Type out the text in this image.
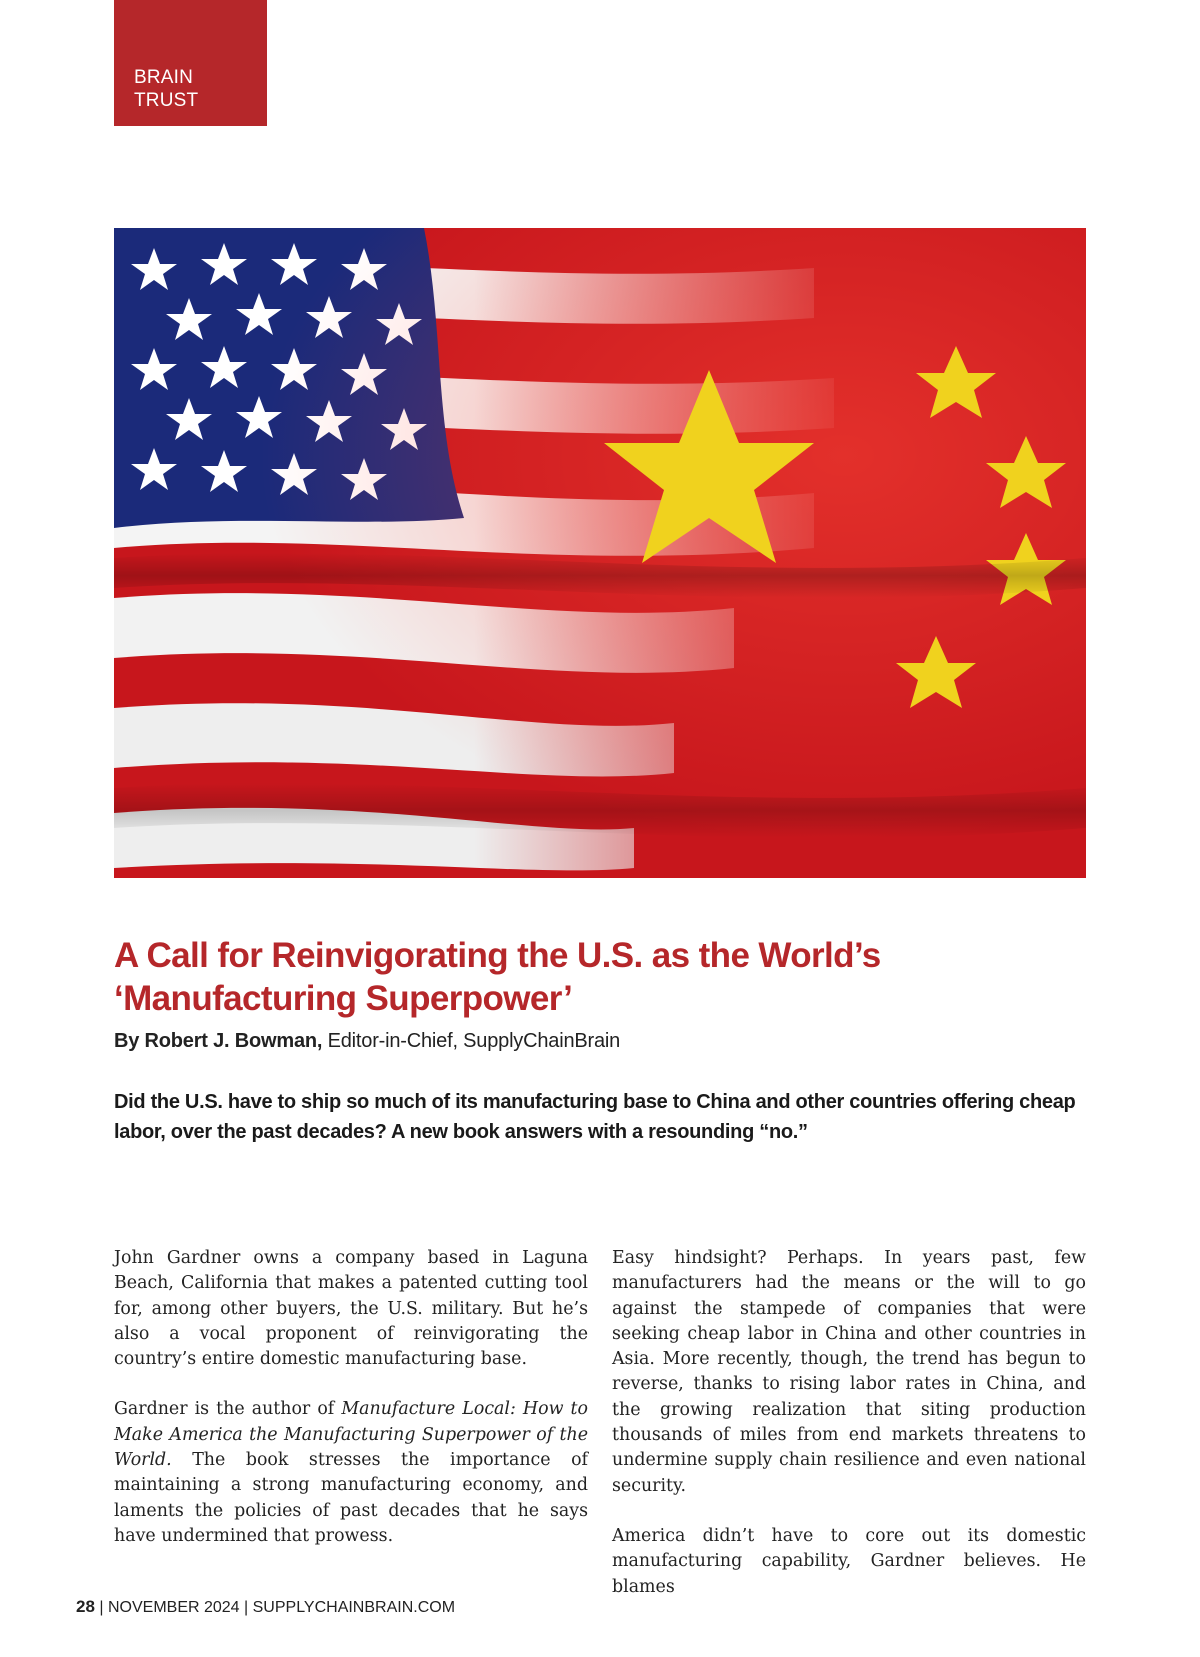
BRAIN
TRUST
A Call for Reinvigorating the U.S. as the World’s
‘Manufacturing Superpower’

By Robert J. Bowman, Editor-in-Chief, SupplyChainBrain

Did the U.S. have to ship so much of its manufacturing base to China and other countries offering cheap labor, over the past decades? A new book answers with a resounding “no.”

John Gardner owns a company based in Laguna Beach, California that makes a patented cutting tool for, among other buyers, the U.S. military. But he’s also a vocal proponent of reinvigorating the country’s entire domestic manufacturing base.

Gardner is the author of Manufacture Local: How to Make America the Manufacturing Superpower of the World. The book stresses the importance of maintaining a strong manufacturing economy, and laments the policies of past decades that he says have undermined that prowess.

Easy hindsight? Perhaps. In years past, few manufacturers had the means or the will to go against the stampede of companies that were seeking cheap labor in China and other countries in Asia. More recently, though, the trend has begun to reverse, thanks to rising labor rates in China, and the growing realization that siting production thousands of miles from end markets threatens to undermine supply chain resilience and even national security.

America didn’t have to core out its domestic manufacturing capability, Gardner believes. He blames

28 | NOVEMBER 2024 | SUPPLYCHAINBRAIN.COM
